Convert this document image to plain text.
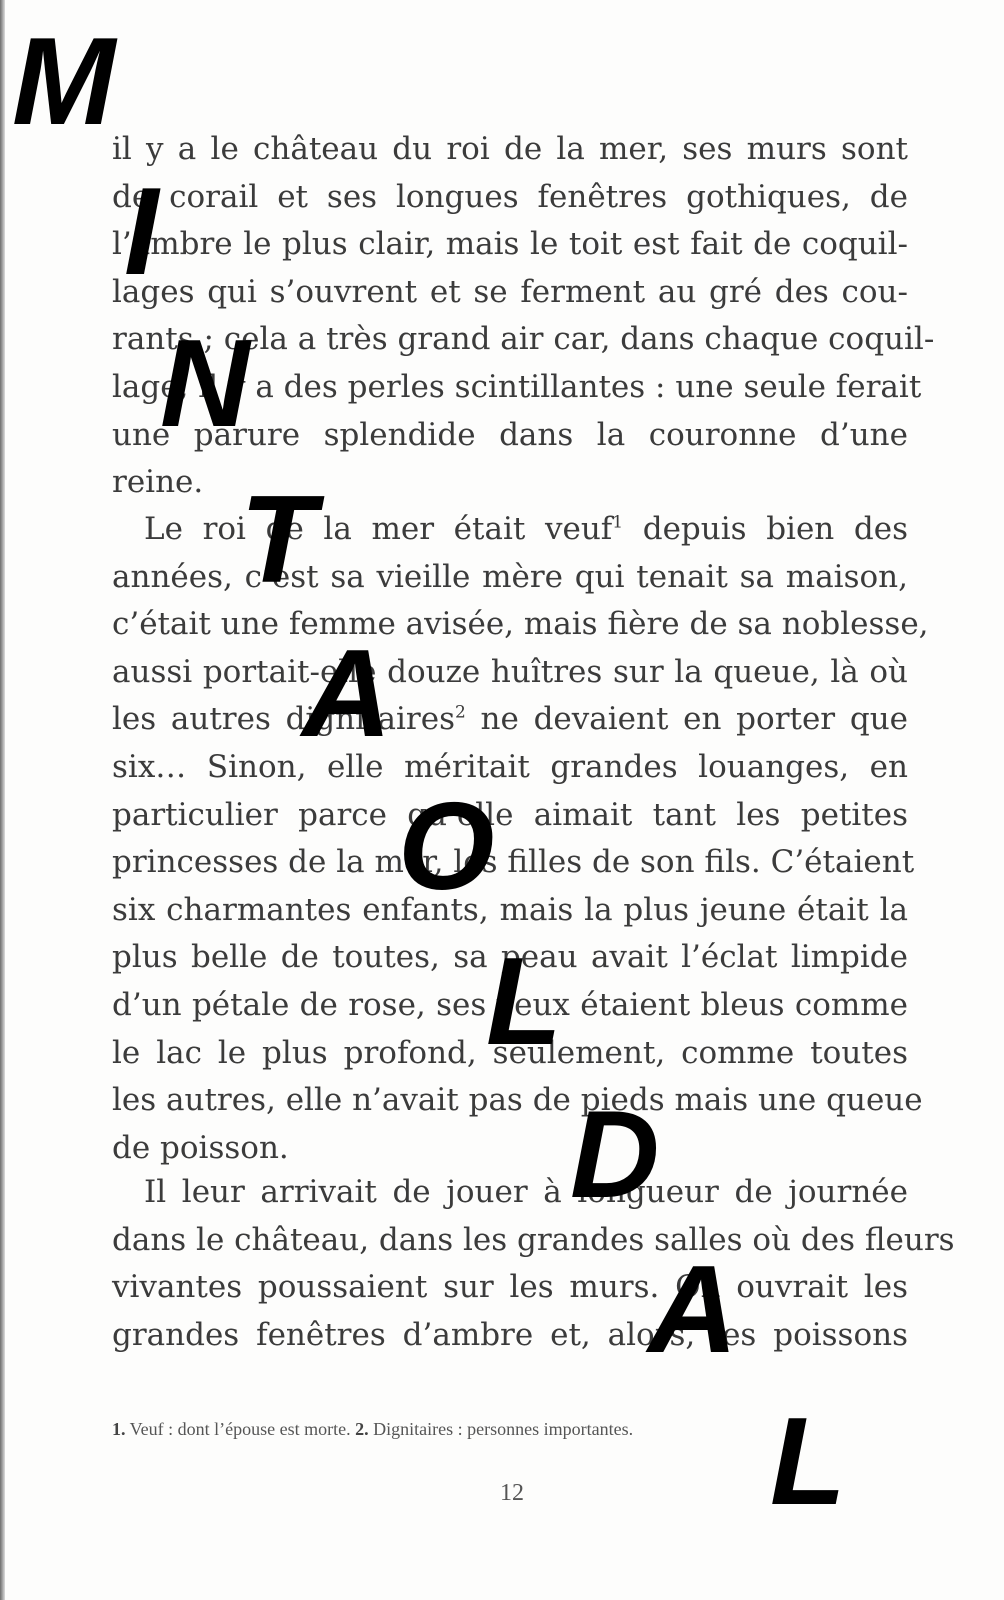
il y a le château du roi de la mer, ses murs sont
de corail et ses longues fenêtres gothiques, de
l’ambre le plus clair, mais le toit est fait de coquil-
lages qui s’ouvrent et se ferment au gré des cou-
rants ; cela a très grand air car, dans chaque coquil-
lage, il y a des perles scintillantes : une seule ferait
une parure splendide dans la couronne d’une
reine.
Le roi de la mer était veuf$^1$ depuis bien des
années, c’est sa vieille mère qui tenait sa maison,
c’était une femme avisée, mais fière de sa noblesse,
aussi portait-elle douze huîtres sur la queue, là où
les autres dignitaires$^2$ ne devaient en porter que
six… Sinon, elle méritait grandes louanges, en
particulier parce qu’elle aimait tant les petites
princesses de la mer, les filles de son fils. C’étaient
six charmantes enfants, mais la plus jeune était la
plus belle de toutes, sa peau avait l’éclat limpide
d’un pétale de rose, ses yeux étaient bleus comme
le lac le plus profond, seulement, comme toutes
les autres, elle n’avait pas de pieds mais une queue
de poisson.
Il leur arrivait de jouer à longueur de journée
dans le château, dans les grandes salles où des fleurs
vivantes poussaient sur les murs. On ouvrait les
grandes fenêtres d’ambre et, alors, les poissons
1. Veuf : dont l’épouse est morte. 2. Dignitaires : personnes importantes.
12
M
I
N
T
A
O
L
D
A
L
